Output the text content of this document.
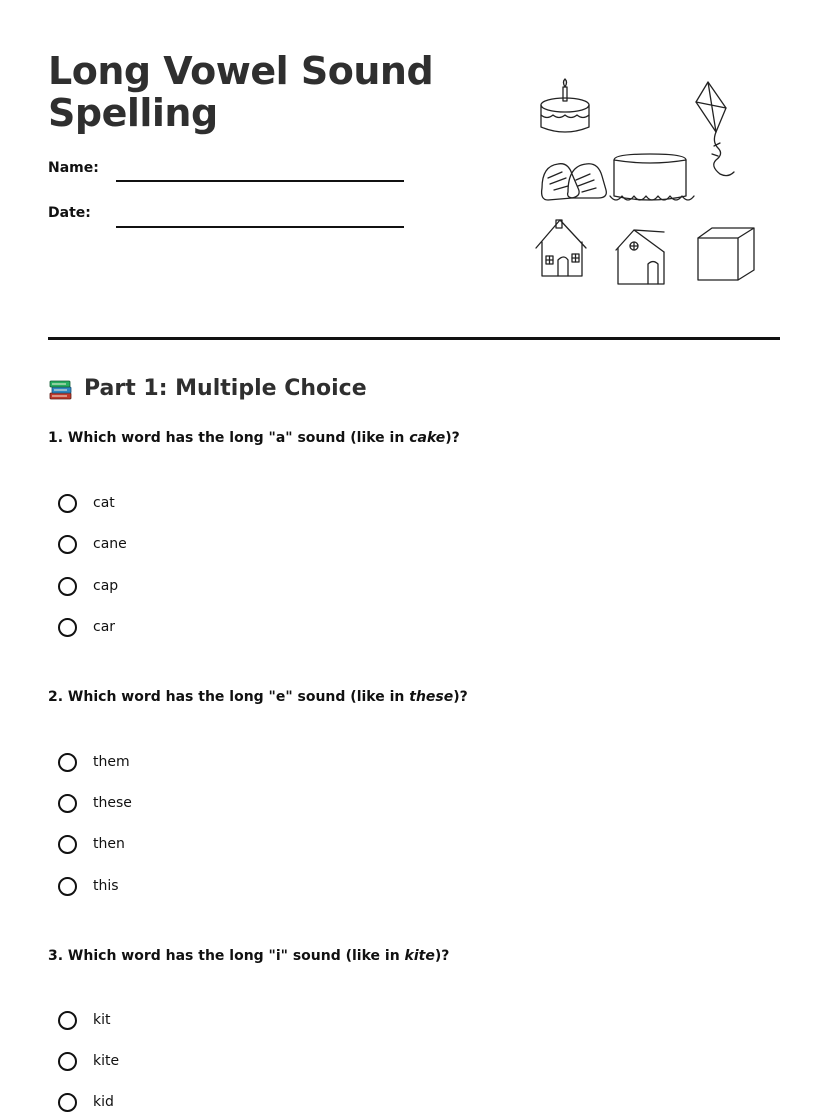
Long Vowel Sound Spelling
Name:
Date:
Part 1: Multiple Choice

1. Which word has the long "a" sound (like in cake)?

cat
cane
cap
car

2. Which word has the long "e" sound (like in these)?

them
these
then
this

3. Which word has the long "i" sound (like in kite)?

kit
kite
kid
